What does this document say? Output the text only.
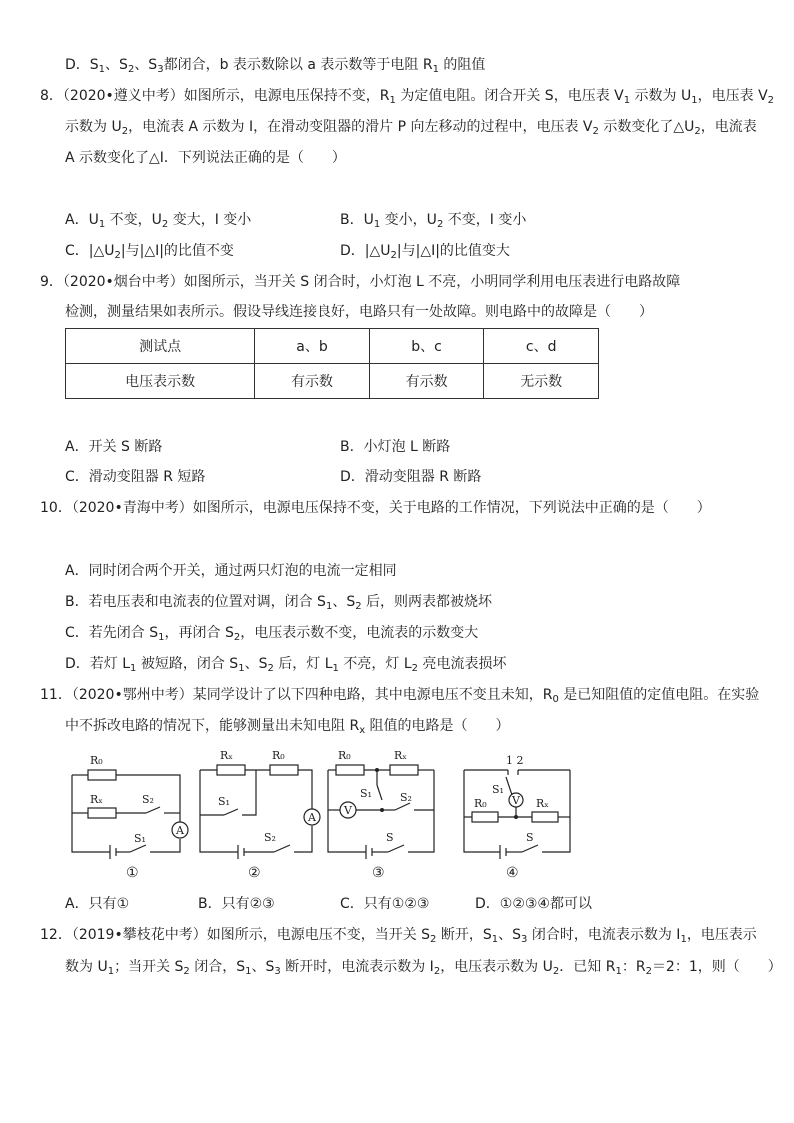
D．$S_1$、$S_2$、$S_3$都闭合，b 表示数除以 a 表示数等于电阻 $R_1$ 的阻值
8．（2020•遵义中考）如图所示，电源电压保持不变，$R_1$ 为定值电阻。闭合开关 S，电压表 $V_1$ 示数为 $U_1$，电压表 $V_2$
示数为 $U_2$，电流表 A 示数为 I，在滑动变阻器的滑片 P 向左移动的过程中，电压表 $V_2$ 示数变化了$\triangle U_2$，电流表
A 示数变化了△I．下列说法正确的是（　　）
A．$U_1$ 不变，$U_2$ 变大，I 变小	B．$U_1$ 变小，$U_2$ 不变，I 变小
C．$|\triangle U_2|$与|△I|的比值不变	D．$|\triangle U_2|$与|△I|的比值变大
9．（2020•烟台中考）如图所示，当开关 S 闭合时，小灯泡 L 不亮，小明同学利用电压表进行电路故障
检测，测量结果如表所示。假设导线连接良好，电路只有一处故障。则电路中的故障是（　　）
测试点	a、b	b、c	c、d
电压表示数	有示数	有示数	无示数
A．开关 S 断路	B．小灯泡 L 断路
C．滑动变阻器 R 短路	D．滑动变阻器 R 断路
10．（2020•青海中考）如图所示，电源电压保持不变，关于电路的工作情况，下列说法中正确的是（　　）
A．同时闭合两个开关，通过两只灯泡的电流一定相同
B．若电压表和电流表的位置对调，闭合 $S_1$、$S_2$ 后，则两表都被烧坏
C．若先闭合 $S_1$，再闭合 $S_2$，电压表示数不变，电流表的示数变大
D．若灯 $L_1$ 被短路，闭合 $S_1$、$S_2$ 后，灯 $L_1$ 不亮，灯 $L_2$ 亮电流表损坏
11．（2020•鄂州中考）某同学设计了以下四种电路，其中电源电压不变且未知，$R_0$ 是已知阻值的定值电阻。在实验
中不拆改电路的情况下，能够测量出未知电阻 $R_x$ 阻值的电路是（　　）
R₀
Rₓ	S₂
S₁
A
①
Rₓ	R₀
S₁
S₂
A
②
R₀	Rₓ
S₁	S₂
S
V
③
1 2
S₁
V
R₀	Rₓ
S
④
A．只有①	B．只有②③	C．只有①②③	D．①②③④都可以
12．（2019•攀枝花中考）如图所示，电源电压不变，当开关 $S_2$ 断开，$S_1$、$S_3$ 闭合时，电流表示数为 $I_1$，电压表示
数为 $U_1$；当开关 $S_2$ 闭合，$S_1$、$S_3$ 断开时，电流表示数为 $I_2$，电压表示数为 $U_2$．已知 $R_1$：$R_2=2$：1，则（　　）
